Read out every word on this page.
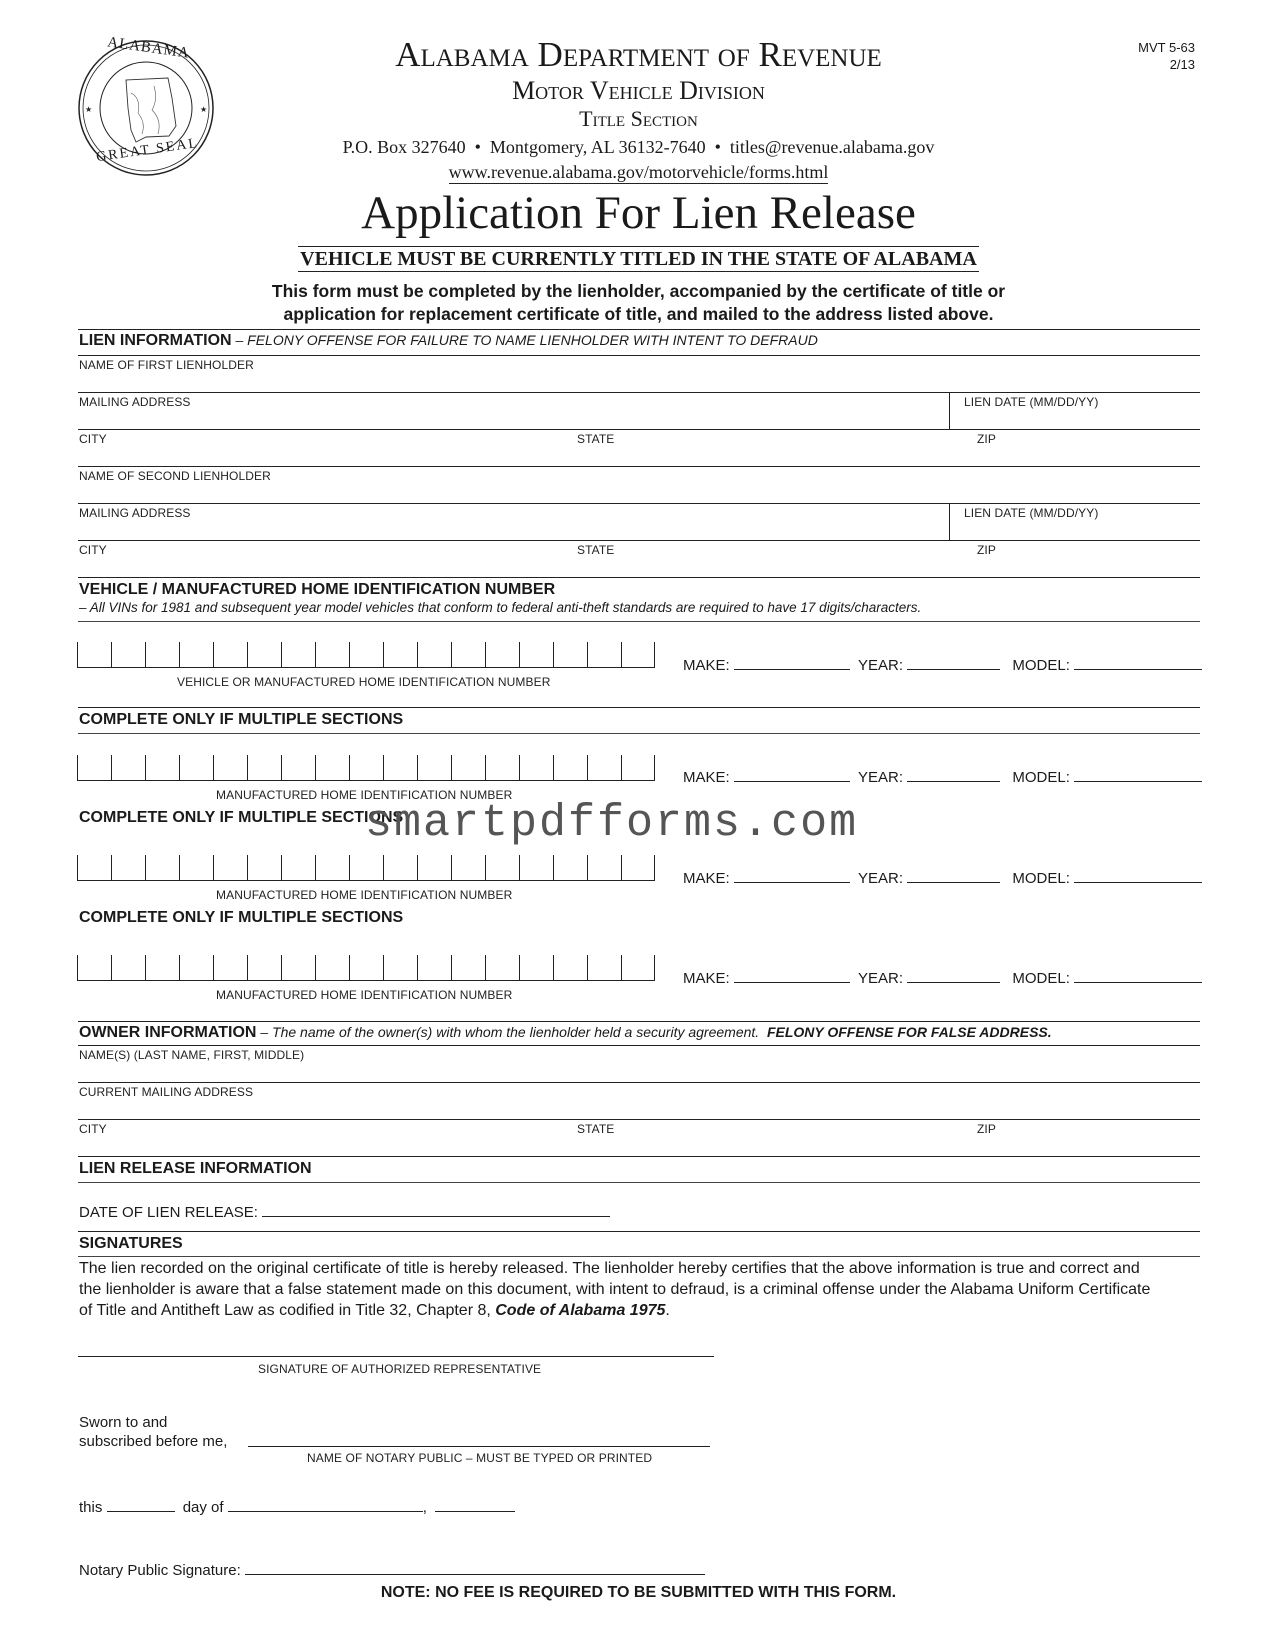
★	★
ALABAMA
GREAT SEAL
MVT 5-63
2/13
Alabama Department of Revenue
Motor Vehicle Division
Title Section
P.O. Box 327640  •  Montgomery, AL 36132-7640  •  titles@revenue.alabama.gov
www.revenue.alabama.gov/motorvehicle/forms.html
Application For Lien Release
VEHICLE MUST BE CURRENTLY TITLED IN THE STATE OF ALABAMA
This form must be completed by the lienholder, accompanied by the certificate of title or
application for replacement certificate of title, and mailed to the address listed above.
LIEN INFORMATION – FELONY OFFENSE FOR FAILURE TO NAME LIENHOLDER WITH INTENT TO DEFRAUD
NAME OF FIRST LIENHOLDER
MAILING ADDRESS	LIEN DATE (MM/DD/YY)
CITY	STATE	ZIP
NAME OF SECOND LIENHOLDER
MAILING ADDRESS	LIEN DATE (MM/DD/YY)
CITY	STATE	ZIP
VEHICLE / MANUFACTURED HOME IDENTIFICATION NUMBER
– All VINs for 1981 and subsequent year model vehicles that conform to federal anti-theft standards are required to have 17 digits/characters.
VEHICLE OR MANUFACTURED HOME IDENTIFICATION NUMBER
MAKE:	YEAR:	MODEL:
COMPLETE ONLY IF MULTIPLE SECTIONS
MANUFACTURED HOME IDENTIFICATION NUMBER
MAKE:	YEAR:	MODEL:
COMPLETE ONLY IF MULTIPLE SECTIONS
smartpdfforms.com
MANUFACTURED HOME IDENTIFICATION NUMBER
MAKE:	YEAR:	MODEL:
COMPLETE ONLY IF MULTIPLE SECTIONS
MANUFACTURED HOME IDENTIFICATION NUMBER
MAKE:	YEAR:	MODEL:
OWNER INFORMATION – The name of the owner(s) with whom the lienholder held a security agreement.  FELONY OFFENSE FOR FALSE ADDRESS.
NAME(S) (LAST NAME, FIRST, MIDDLE)
CURRENT MAILING ADDRESS
CITY	STATE	ZIP
LIEN RELEASE INFORMATION
DATE OF LIEN RELEASE:
SIGNATURES
The lien recorded on the original certificate of title is hereby released. The lienholder hereby certifies that the above information is true and correct and
the lienholder is aware that a false statement made on this document, with intent to defraud, is a criminal offense under the Alabama Uniform Certificate
of Title and Antitheft Law as codified in Title 32, Chapter 8, Code of Alabama 1975.
SIGNATURE OF AUTHORIZED REPRESENTATIVE
Sworn to and
subscribed before me,
NAME OF NOTARY PUBLIC – MUST BE TYPED OR PRINTED
this	day of	,
Notary Public Signature:
NOTE: NO FEE IS REQUIRED TO BE SUBMITTED WITH THIS FORM.
